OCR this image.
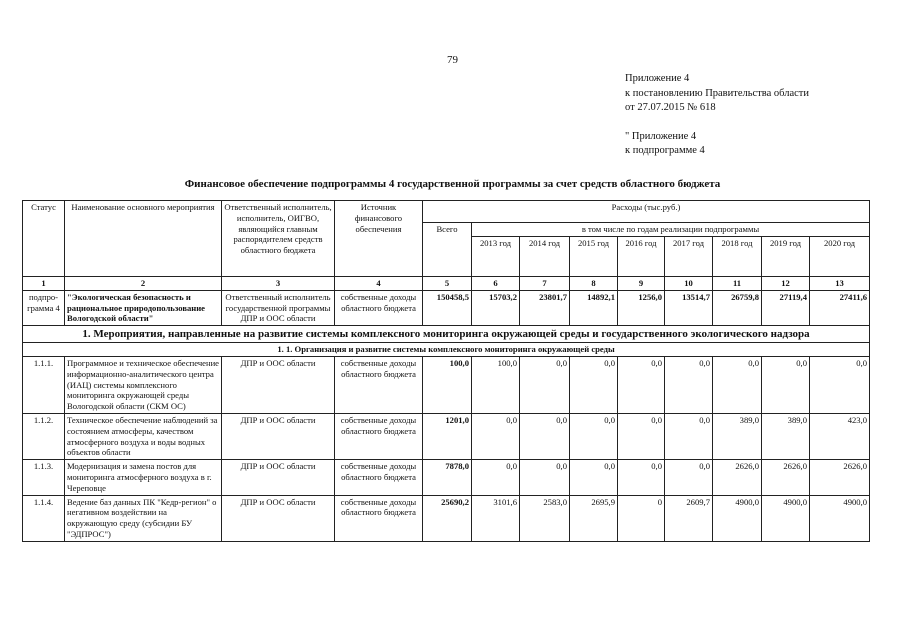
79
Приложение 4
к постановлению Правительства области
от 27.07.2015 № 618
" Приложение 4
к подпрограмме 4
Финансовое обеспечение подпрограммы 4 государственной программы за счет средств областного бюджета
Статус	Наименование основного мероприятия	Ответственный исполнитель, исполнитель, ОИГВО, являющийся главным распорядителем средств областного бюджета	Источник финансового обеспечения	Расходы (тыс.руб.)								
				Всего	в том числе по годам реализации подпрограммы							
					2013 год	2014 год	2015 год	2016 год	2017 год	2018 год	2019 год	2020 год
1	2	3	4	5	6	7	8	9	10	11	12	13
подпро-грамма 4	"Экологическая безопасность и рациональное природопользование Вологодской области"	Ответственный исполнитель государственной программы ДПР и ООС области	собственные доходы областного бюджета	150458,5	15703,2	23801,7	14892,1	1256,0	13514,7	26759,8	27119,4	27411,6
1. Мероприятия, направленные на развитие системы комплексного мониторинга окружающей среды и государственного экологического надзора												
1. 1. Организация и развитие системы комплексного мониторинга окружающей среды												
1.1.1.	Программное и техническое обеспечение информационно-аналитического центра (ИАЦ) системы комплексного мониторинга окружающей среды Вологодской области (СКМ ОС)	ДПР и ООС области	собственные доходы областного бюджета	100,0	100,0	0,0	0,0	0,0	0,0	0,0	0,0	0,0
1.1.2.	Техническое обеспечение наблюдений за состоянием атмосферы, качеством атмосферного воздуха и воды водных объектов области	ДПР и ООС области	собственные доходы областного бюджета	1201,0	0,0	0,0	0,0	0,0	0,0	389,0	389,0	423,0
1.1.3.	Модернизация и замена постов для мониторинга атмосферного воздуха в г. Череповце	ДПР и ООС области	собственные доходы областного бюджета	7878,0	0,0	0,0	0,0	0,0	0,0	2626,0	2626,0	2626,0
1.1.4.	Ведение баз данных ПК "Кедр-регион" о негативном воздействии на окружающую среду (субсидии БУ "ЭДПРОС")	ДПР и ООС области	собственные доходы областного бюджета	25690,2	3101,6	2583,0	2695,9	0	2609,7	4900,0	4900,0	4900,0
